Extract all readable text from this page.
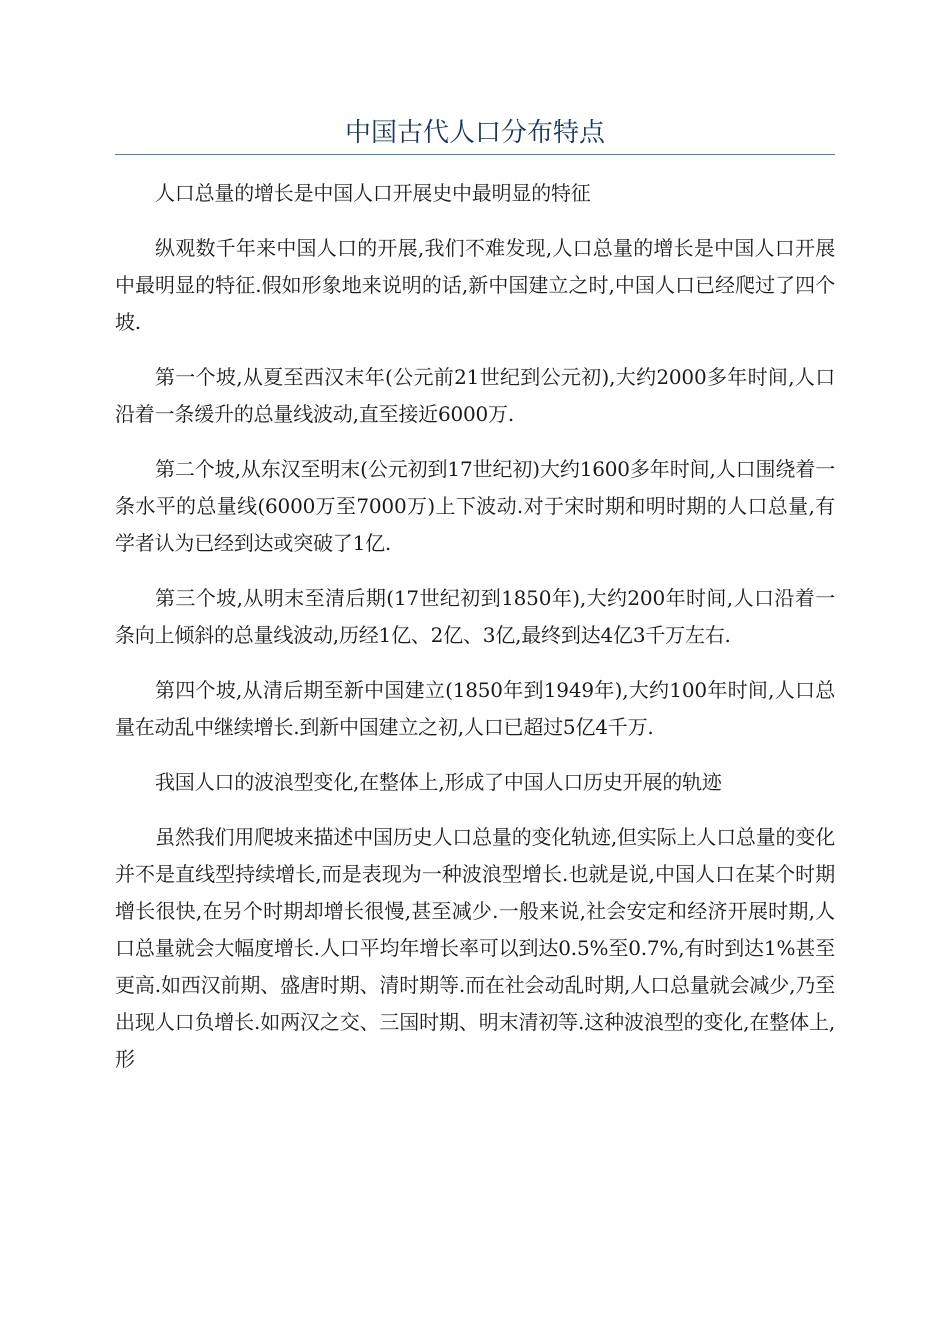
中国古代人口分布特点

人口总量的增长是中国人口开展史中最明显的特征

纵观数千年来中国人口的开展,我们不难发现,人口总量的增长是中国人口开展中最明显的特征.假如形象地来说明的话,新中国建立之时,中国人口已经爬过了四个坡.

第一个坡,从夏至西汉末年(公元前21世纪到公元初),大约2000多年时间,人口沿着一条缓升的总量线波动,直至接近6000万.

第二个坡,从东汉至明末(公元初到17世纪初)大约1600多年时间,人口围绕着一条水平的总量线(6000万至7000万)上下波动.对于宋时期和明时期的人口总量,有学者认为已经到达或突破了1亿.

第三个坡,从明末至清后期(17世纪初到1850年),大约200年时间,人口沿着一条向上倾斜的总量线波动,历经1亿、2亿、3亿,最终到达4亿3千万左右.

第四个坡,从清后期至新中国建立(1850年到1949年),大约100年时间,人口总量在动乱中继续增长.到新中国建立之初,人口已超过5亿4千万.

我国人口的波浪型变化,在整体上,形成了中国人口历史开展的轨迹

虽然我们用爬坡来描述中国历史人口总量的变化轨迹,但实际上人口总量的变化并不是直线型持续增长,而是表现为一种波浪型增长.也就是说,中国人口在某个时期增长很快,在另个时期却增长很慢,甚至减少.一般来说,社会安定和经济开展时期,人口总量就会大幅度增长.人口平均年增长率可以到达0.5%至0.7%,有时到达1%甚至更高.如西汉前期、盛唐时期、清时期等.而在社会动乱时期,人口总量就会减少,乃至出现人口负增长.如两汉之交、三国时期、明末清初等.这种波浪型的变化,在整体上,形
